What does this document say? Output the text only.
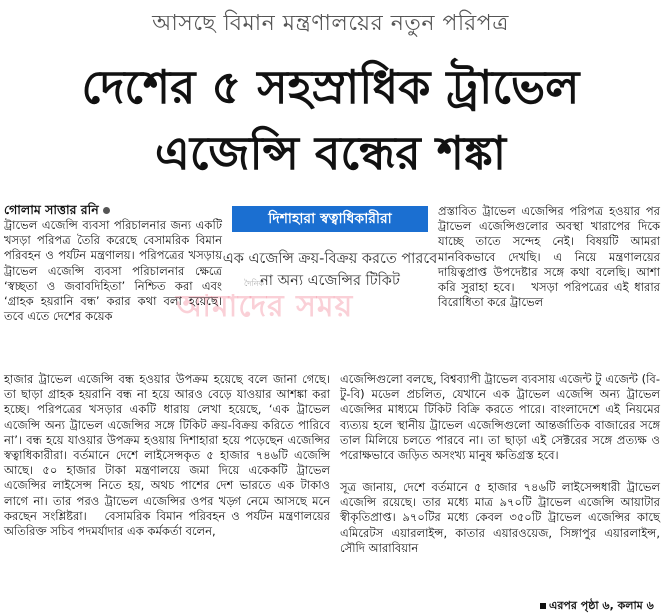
আসছে বিমান মন্ত্রণালয়ের নতুন পরিপত্র
দেশের ৫ সহস্রাধিক ট্রাভেল
এজেন্সি বন্ধের শঙ্কা
গোলাম সাত্তার রনি
দিশাহারা স্বত্বাধিকারীরা
এক এজেন্সি ক্রয়-বিক্রয় করতে পারবে না অন্য এজেন্সির টিকিট
দৈনিক
আমাদের সময়

ট্রাভেল এজেন্সি ব্যবসা পরিচালনার জন্য একটি খসড়া পরিপত্র তৈরি করেছে বেসামরিক বিমান পরিবহন ও পর্যটন মন্ত্রণালয়। পরিপত্রের খসড়ায় ট্রাভেল এজেন্সি ব্যবসা পরিচালনার ক্ষেত্রে ‘স্বচ্ছতা ও জবাবদিহিতা’ নিশ্চিত করা এবং ‘গ্রাহক হয়রানি বন্ধ’ করার কথা বলা হয়েছে। তবে এতে দেশের কয়েক

প্রস্তাবিত ট্রাভেল এজেন্সির পরিপত্র হওয়ার পর ট্রাভেল এজেন্সিগুলোর অবস্থা খারাপের দিকে যাচ্ছে তাতে সন্দেহ নেই। বিষয়টি আমরা মানবিকভাবে দেখছি। এ নিয়ে মন্ত্রণালয়ের দায়িত্বপ্রাপ্ত উপদেষ্টার সঙ্গে কথা বলেছি। আশা করি সুরাহা হবে।   খসড়া পরিপত্রের এই ধারার বিরোধিতা করে ট্রাভেল

হাজার ট্রাভেল এজেন্সি বন্ধ হওয়ার উপক্রম হয়েছে বলে জানা গেছে। তা ছাড়া গ্রাহক হয়রানি বন্ধ না হয়ে আরও বেড়ে যাওয়ার আশঙ্কা করা হচ্ছে। পরিপত্রের খসড়ার একটি ধারায় লেখা হয়েছে, ‘এক ট্রাভেল এজেন্সি অন্য ট্রাভেল এজেন্সির সঙ্গে টিকিট ক্রয়-বিক্রয় করিতে পারিবে না’। বন্ধ হয়ে যাওয়ার উপক্রম হওয়ায় দিশাহারা হয়ে পড়েছেন এজেন্সির স্বত্বাধিকারীরা। বর্তমানে দেশে লাইসেন্সকৃত ৫ হাজার ৭৪৬টি এজেন্সি আছে। ৫০ হাজার টাকা মন্ত্রণালয়ে জমা দিয়ে একেকটি ট্রাভেল এজেন্সির লাইসেন্স নিতে হয়, অথচ পাশের দেশ ভারতে এক টাকাও লাগে না। তার পরও ট্রাভেল এজেন্সির ওপর খড়্গ নেমে আসছে মনে করছেন সংশ্লিষ্টরা।   বেসামরিক বিমান পরিবহন ও পর্যটন মন্ত্রণালয়ের অতিরিক্ত সচিব পদমর্যাদার এক কর্মকর্তা বলেন,

এজেন্সিগুলো বলছে, বিশ্বব্যাপী ট্রাভেল ব্যবসায় এজেন্ট টু এজেন্ট (বি-টু-বি) মডেল প্রচলিত, যেখানে এক ট্রাভেল এজেন্সি অন্য ট্রাভেল এজেন্সির মাধ্যমে টিকিট বিক্রি করতে পারে। বাংলাদেশে এই নিয়মের ব্যত্যয় হলে স্থানীয় ট্রাভেল এজেন্সিগুলো আন্তর্জাতিক বাজারের সঙ্গে তাল মিলিয়ে চলতে পারবে না। তা ছাড়া এই সেক্টরের সঙ্গে প্রত্যক্ষ ও পরোক্ষভাবে জড়িত অসংখ্য মানুষ ক্ষতিগ্রস্ত হবে।

সূত্র জানায়, দেশে বর্তমানে ৫ হাজার ৭৪৬টি লাইসেন্সধারী ট্রাভেল এজেন্সি রয়েছে। তার মধ্যে মাত্র ৯৭০টি ট্রাভেল এজেন্সি আয়াটার স্বীকৃতিপ্রাপ্ত। ৯৭০টির মধ্যে কেবল ৩৫০টি ট্রাভেল এজেন্সির কাছে এমিরেটস এয়ারলাইন্স, কাতার এয়ারওয়েজ, সিঙ্গাপুর এয়ারলাইন্স, সৌদি আরাবিয়ান

এরপর পৃষ্ঠা ৬, কলাম ৬
